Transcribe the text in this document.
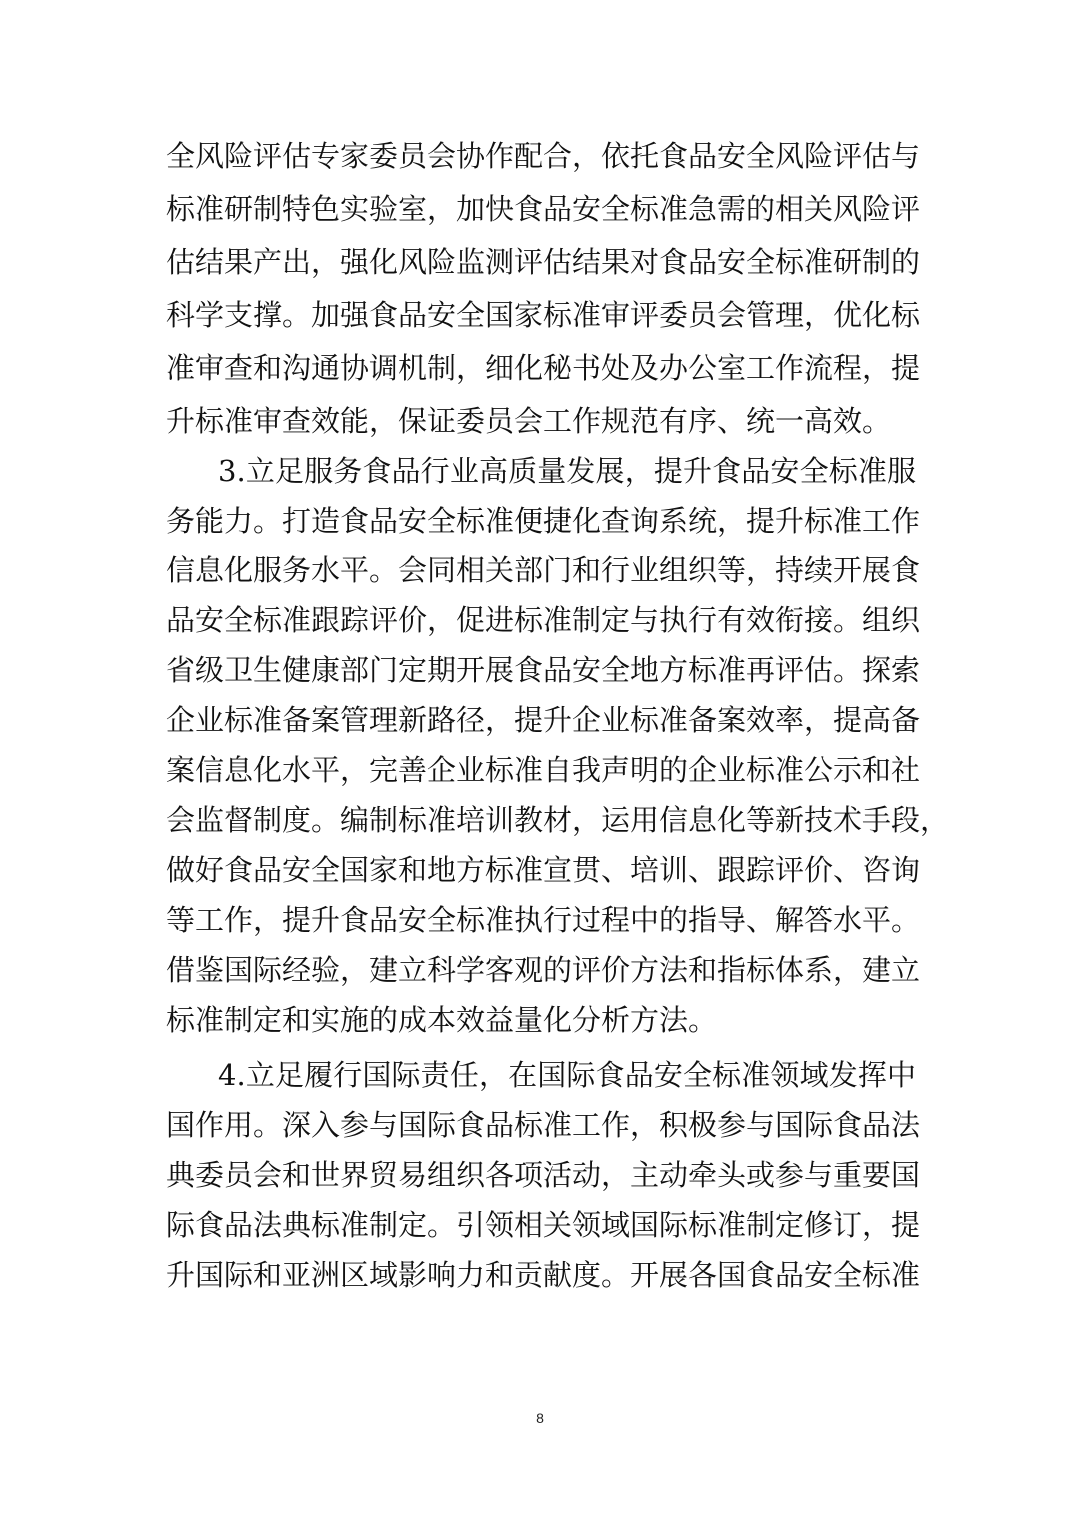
全风险评估专家委员会协作配合，依托食品安全风险评估与
标准研制特色实验室，加快食品安全标准急需的相关风险评
估结果产出，强化风险监测评估结果对食品安全标准研制的
科学支撑。加强食品安全国家标准审评委员会管理，优化标
准审查和沟通协调机制，细化秘书处及办公室工作流程，提
升标准审查效能，保证委员会工作规范有序、统一高效。
3.立足服务食品行业高质量发展，提升食品安全标准服
务能力。打造食品安全标准便捷化查询系统，提升标准工作
信息化服务水平。会同相关部门和行业组织等，持续开展食
品安全标准跟踪评价，促进标准制定与执行有效衔接。组织
省级卫生健康部门定期开展食品安全地方标准再评估。探索
企业标准备案管理新路径，提升企业标准备案效率，提高备
案信息化水平，完善企业标准自我声明的企业标准公示和社
会监督制度。编制标准培训教材，运用信息化等新技术手段，
做好食品安全国家和地方标准宣贯、培训、跟踪评价、咨询
等工作，提升食品安全标准执行过程中的指导、解答水平。
借鉴国际经验，建立科学客观的评价方法和指标体系，建立
标准制定和实施的成本效益量化分析方法。
4.立足履行国际责任，在国际食品安全标准领域发挥中
国作用。深入参与国际食品标准工作，积极参与国际食品法
典委员会和世界贸易组织各项活动，主动牵头或参与重要国
际食品法典标准制定。引领相关领域国际标准制定修订，提
升国际和亚洲区域影响力和贡献度。开展各国食品安全标准
8
